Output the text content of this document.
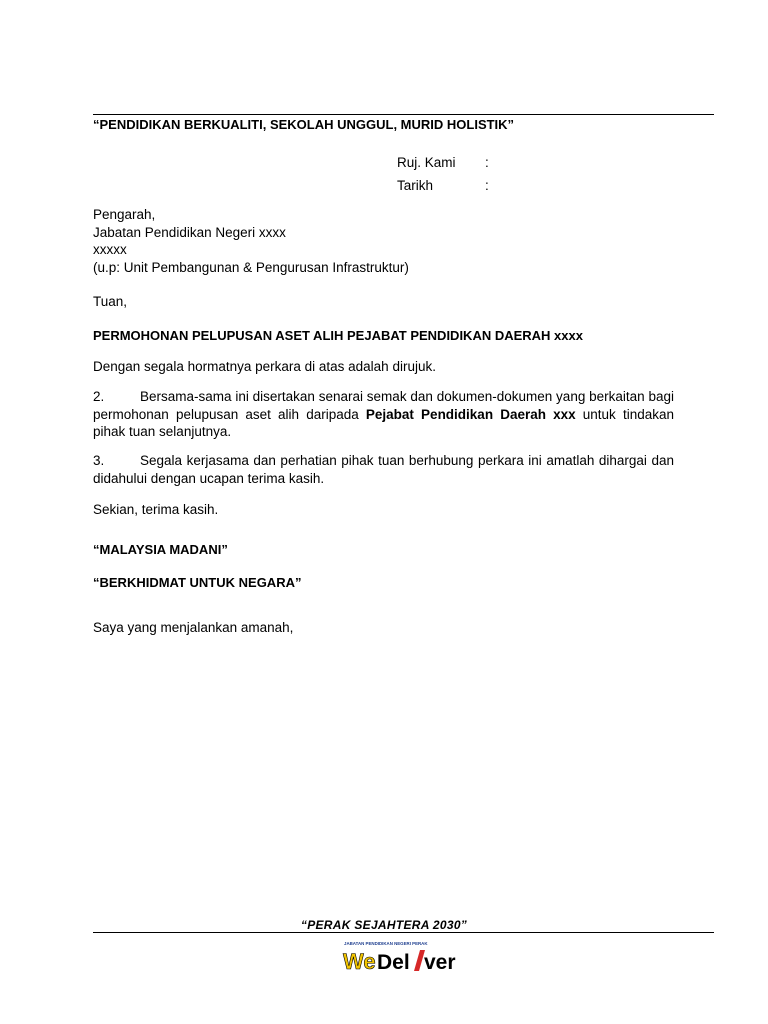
“PENDIDIKAN BERKUALITI, SEKOLAH UNGGUL, MURID HOLISTIK”
Ruj. Kami :
Tarikh	:
Pengarah,
Jabatan Pendidikan Negeri xxxx
xxxxx
(u.p: Unit Pembangunan & Pengurusan Infrastruktur)
Tuan,
PERMOHONAN PELUPUSAN ASET ALIH PEJABAT PENDIDIKAN DAERAH xxxx
Dengan segala hormatnya perkara di atas adalah dirujuk.
2.	Bersama-sama ini disertakan senarai semak dan dokumen-dokumen yang berkaitan bagi permohonan pelupusan aset alih daripada Pejabat Pendidikan Daerah xxx untuk tindakan pihak tuan selanjutnya.
3.	Segala kerjasama dan perhatian pihak tuan berhubung perkara ini amatlah dihargai dan didahului dengan ucapan terima kasih.
Sekian, terima kasih.
“MALAYSIA MADANI”
“BERKHIDMAT UNTUK NEGARA”
Saya yang menjalankan amanah,
“PERAK SEJAHTERA 2030”
JABATAN PENDIDIKAN NEGERI PERAK
We Del ver
